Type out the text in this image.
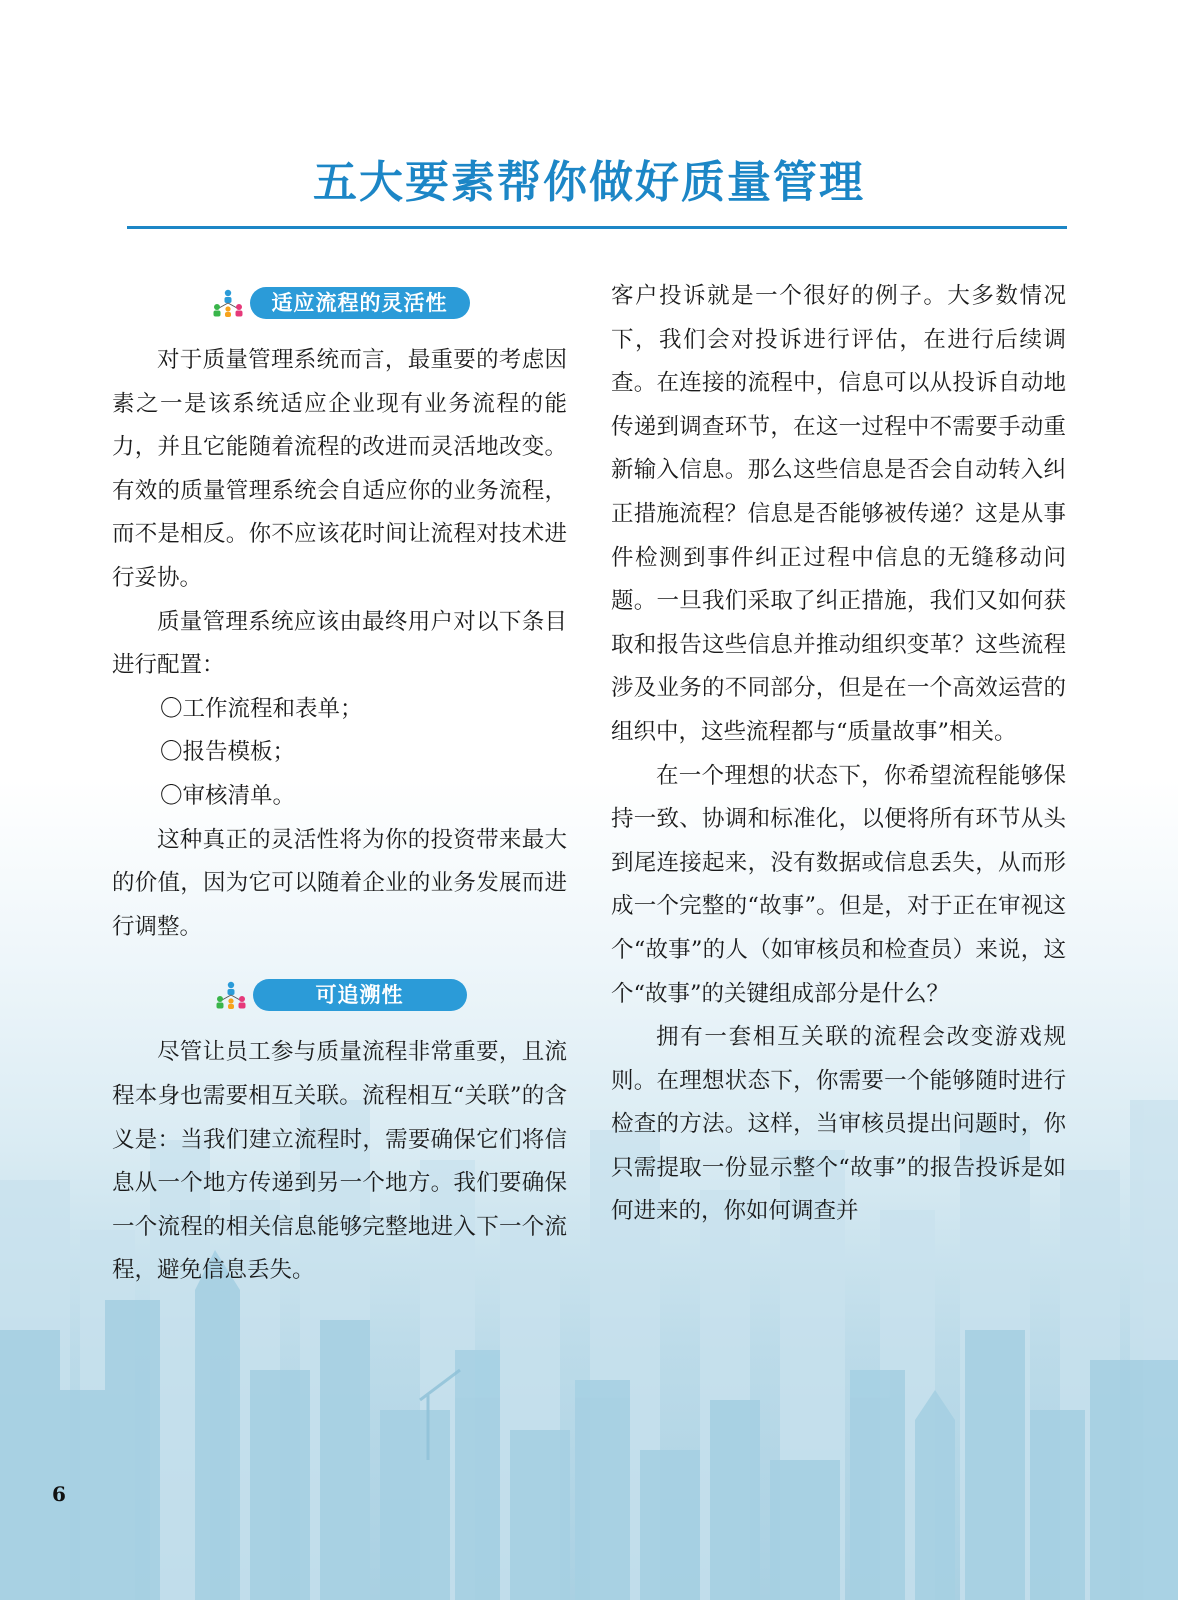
五大要素帮你做好质量管理
适应流程的灵活性

对于质量管理系统而言，最重要的考虑因素之一是该系统适应企业现有业务流程的能力，并且它能随着流程的改进而灵活地改变。有效的质量管理系统会自适应你的业务流程，而不是相反。你不应该花时间让流程对技术进行妥协。

质量管理系统应该由最终用户对以下条目进行配置：

〇工作流程和表单；

〇报告模板；

〇审核清单。

这种真正的灵活性将为你的投资带来最大的价值，因为它可以随着企业的业务发展而进行调整。

可追溯性

尽管让员工参与质量流程非常重要，且流程本身也需要相互关联。流程相互“关联”的含义是：当我们建立流程时，需要确保它们将信息从一个地方传递到另一个地方。我们要确保一个流程的相关信息能够完整地进入下一个流程，避免信息丢失。

客户投诉就是一个很好的例子。大多数情况下，我们会对投诉进行评估，在进行后续调查。在连接的流程中，信息可以从投诉自动地传递到调查环节，在这一过程中不需要手动重新输入信息。那么这些信息是否会自动转入纠正措施流程？信息是否能够被传递？这是从事件检测到事件纠正过程中信息的无缝移动问题。一旦我们采取了纠正措施，我们又如何获取和报告这些信息并推动组织变革？这些流程涉及业务的不同部分，但是在一个高效运营的组织中，这些流程都与“质量故事”相关。

在一个理想的状态下，你希望流程能够保持一致、协调和标准化，以便将所有环节从头到尾连接起来，没有数据或信息丢失，从而形成一个完整的“故事”。但是，对于正在审视这个“故事”的人（如审核员和检查员）来说，这个“故事”的关键组成部分是什么？

拥有一套相互关联的流程会改变游戏规则。在理想状态下，你需要一个能够随时进行检查的方法。这样，当审核员提出问题时，你只需提取一份显示整个“故事”的报告投诉是如何进来的，你如何调查并

6
